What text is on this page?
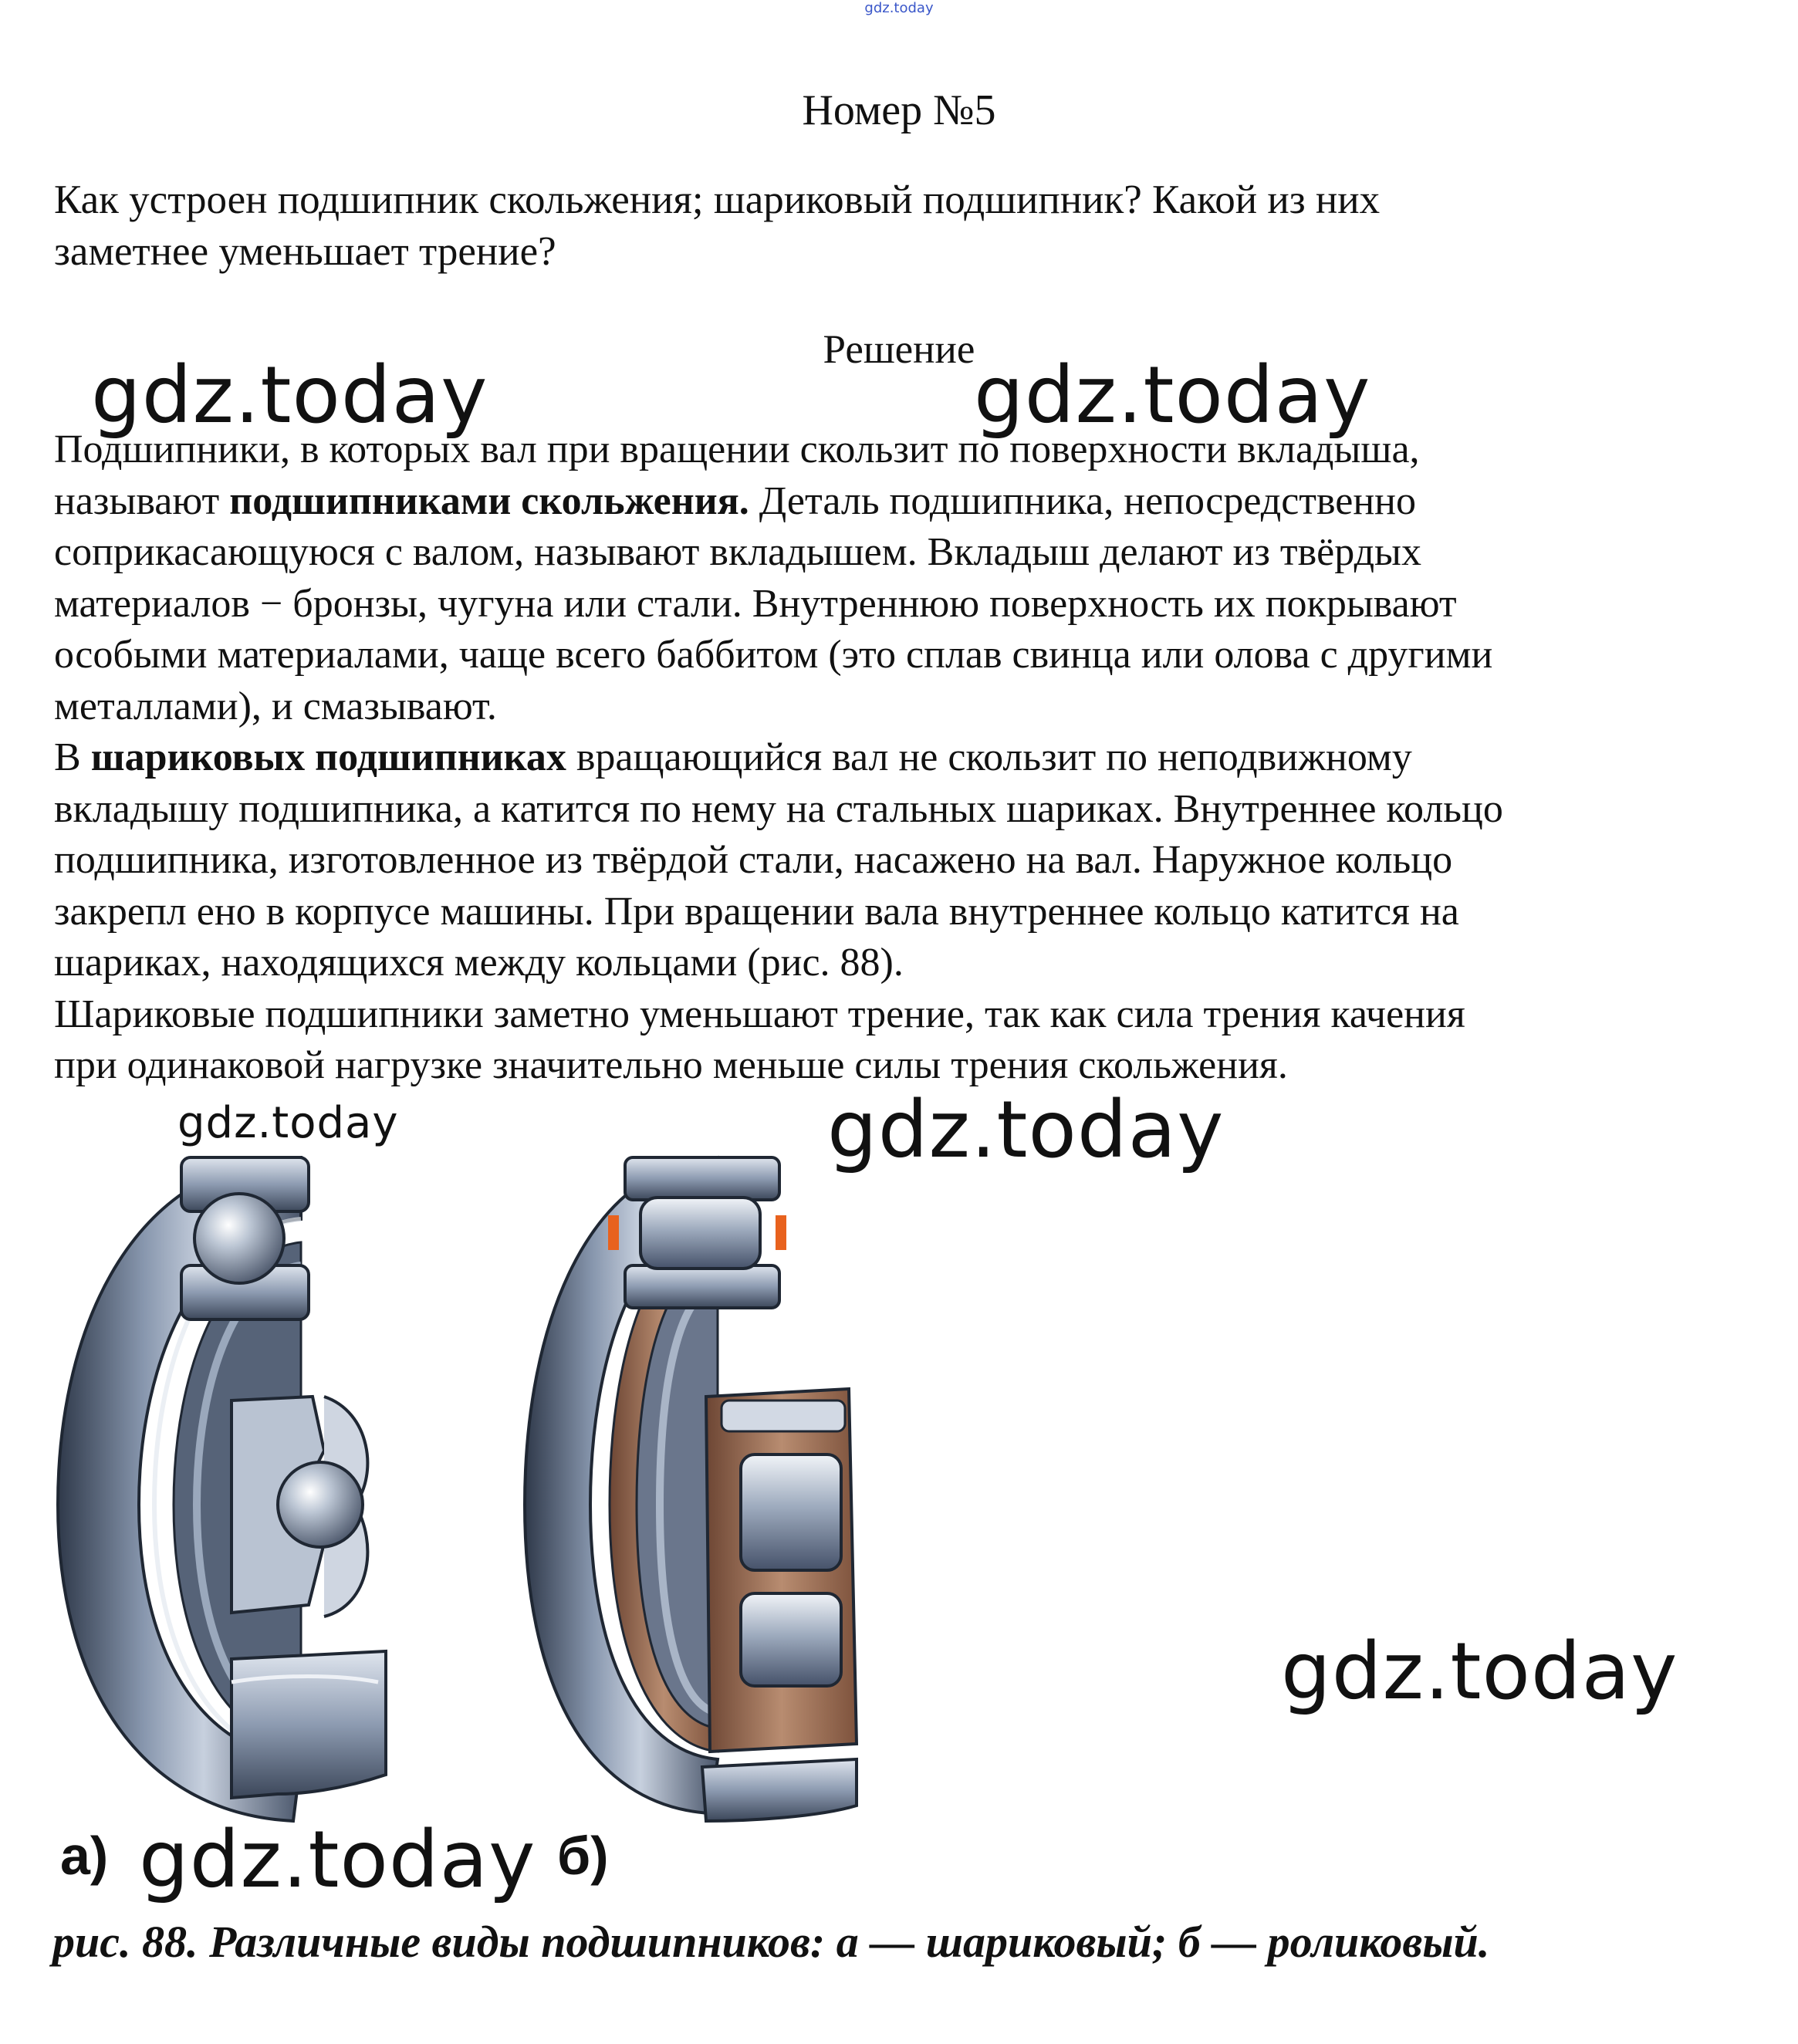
gdz.today
Номер №5
Как устроен подшипник скольжения; шариковый подшипник? Какой из них
заметнее уменьшает трение?
Решение
gdz.today	gdz.today
Подшипники, в которых вал при вращении скользит по поверхности вкладыша,
называют подшипниками скольжения. Деталь подшипника, непосредственно
соприкасающуюся с валом, называют вкладышем. Вкладыш делают из твёрдых
материалов − бронзы, чугуна или стали. Внутреннюю поверхность их покрывают
особыми материалами, чаще всего баббитом (это сплав свинца или олова с другими
металлами), и смазывают.
В шариковых подшипниках вращающийся вал не скользит по неподвижному
вкладышу подшипника, а катится по нему на стальных шариках. Внутреннее кольцо
подшипника, изготовленное из твёрдой стали, насажено на вал. Наружное кольцо
закрепл ено в корпусе машины. При вращении вала внутреннее кольцо катится на
шариках, находящихся между кольцами (рис. 88).
Шариковые подшипники заметно уменьшают трение, так как сила трения качения
при одинаковой нагрузке значительно меньше силы трения скольжения.
gdz.today	gdz.today
gdz.today
а)	б)
gdz.today
рис. 88. Различные виды подшипников: а — шариковый; б — роликовый.
